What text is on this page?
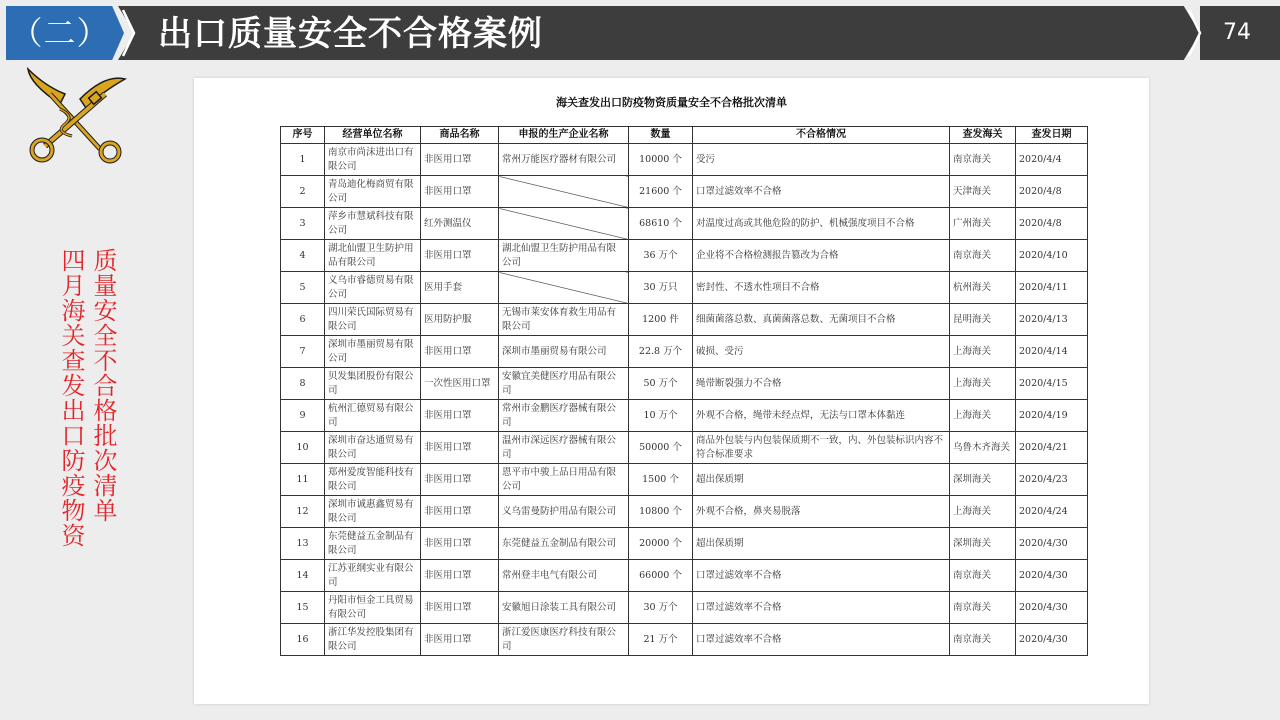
（二） 出口质量安全不合格案例	74
质量安全不合格批次清单
四月海关查发出口防疫物资
海关查发出口防疫物资质量安全不合格批次清单
序号	经营单位名称	商品名称	申报的生产企业名称	数量	不合格情况	查发海关	查发日期
1	南京市尚沫进出口有限公司	非医用口罩	常州万能医疗器材有限公司	10000 个	受污	南京海关	2020/4/4
2	青岛迪化梅商贸有限公司	非医用口罩		21600 个	口罩过滤效率不合格	天津海关	2020/4/8
3	萍乡市慧斌科技有限公司	红外测温仪		68610 个	对温度过高或其他危险的防护、机械强度项目不合格	广州海关	2020/4/8
4	湖北仙盟卫生防护用品有限公司	非医用口罩	湖北仙盟卫生防护用品有限公司	36 万个	企业将不合格检测报告篡改为合格	南京海关	2020/4/10
5	义乌市睿德贸易有限公司	医用手套		30 万只	密封性、不透水性项目不合格	杭州海关	2020/4/11
6	四川荣氏国际贸易有限公司	医用防护服	无锡市莱安体育救生用品有限公司	1200 件	细菌菌落总数、真菌菌落总数、无菌项目不合格	昆明海关	2020/4/13
7	深圳市墨丽贸易有限公司	非医用口罩	深圳市墨丽贸易有限公司	22.8 万个	破损、受污	上海海关	2020/4/14
8	贝发集团股份有限公司	一次性医用口罩	安徽宜美健医疗用品有限公司	50 万个	绳带断裂强力不合格	上海海关	2020/4/15
9	杭州汇德贸易有限公司	非医用口罩	常州市金鹏医疗器械有限公司	10 万个	外观不合格，绳带未经点焊，无法与口罩本体黏连	上海海关	2020/4/19
10	深圳市奋达通贸易有限公司	非医用口罩	温州市深远医疗器械有限公司	50000 个	商品外包装与内包装保质期不一致，内、外包装标识内容不符合标准要求	乌鲁木齐海关	2020/4/21
11	郑州爱度智能科技有限公司	非医用口罩	恩平市中骏上品日用品有限公司	1500 个	超出保质期	深圳海关	2020/4/23
12	深圳市诚惠鑫贸易有限公司	非医用口罩	义乌雷曼防护用品有限公司	10800 个	外观不合格，鼻夹易脱落	上海海关	2020/4/24
13	东莞健益五金制品有限公司	非医用口罩	东莞健益五金制品有限公司	20000 个	超出保质期	深圳海关	2020/4/30
14	江苏亚纲实业有限公司	非医用口罩	常州登丰电气有限公司	66000 个	口罩过滤效率不合格	南京海关	2020/4/30
15	丹阳市恒金工具贸易有限公司	非医用口罩	安徽旭日涂装工具有限公司	30 万个	口罩过滤效率不合格	南京海关	2020/4/30
16	浙江华发控股集团有限公司	非医用口罩	浙江爱医康医疗科技有限公司	21 万个	口罩过滤效率不合格	南京海关	2020/4/30
